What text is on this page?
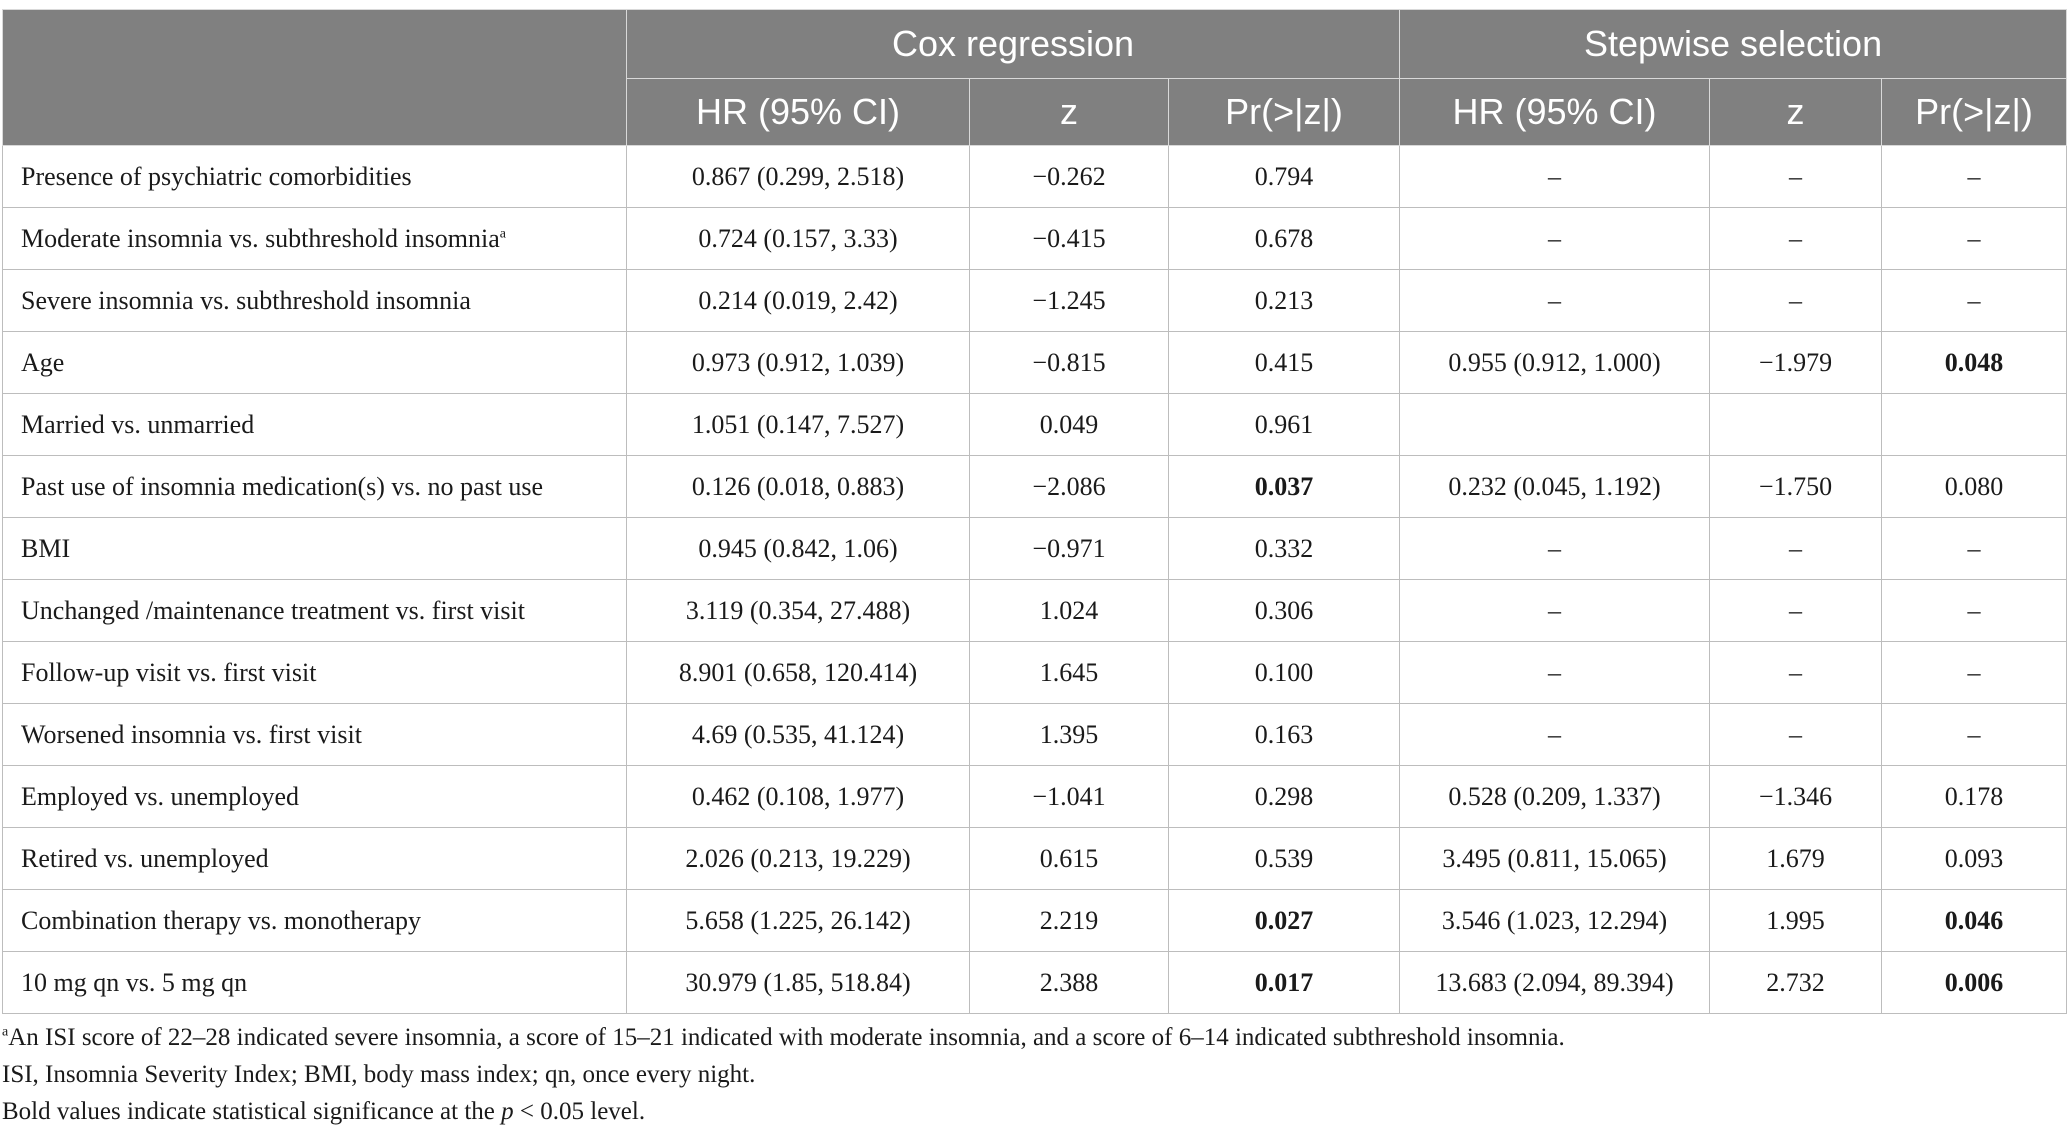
	Cox regression			Stepwise selection		
	HR (95% CI)	z	Pr(>|z|)	HR (95% CI)	z	Pr(>|z|)
Presence of psychiatric comorbidities	0.867 (0.299, 2.518)	−0.262	0.794	–	–	–
Moderate insomnia vs. subthreshold insomnia$^a$	0.724 (0.157, 3.33)	−0.415	0.678	–	–	–
Severe insomnia vs. subthreshold insomnia	0.214 (0.019, 2.42)	−1.245	0.213	–	–	–
Age	0.973 (0.912, 1.039)	−0.815	0.415	0.955 (0.912, 1.000)	−1.979	0.048
Married vs. unmarried	1.051 (0.147, 7.527)	0.049	0.961			
Past use of insomnia medication(s) vs. no past use	0.126 (0.018, 0.883)	−2.086	0.037	0.232 (0.045, 1.192)	−1.750	0.080
BMI	0.945 (0.842, 1.06)	−0.971	0.332	–	–	–
Unchanged /maintenance treatment vs. first visit	3.119 (0.354, 27.488)	1.024	0.306	–	–	–
Follow-up visit vs. first visit	8.901 (0.658, 120.414)	1.645	0.100	–	–	–
Worsened insomnia vs. first visit	4.69 (0.535, 41.124)	1.395	0.163	–	–	–
Employed vs. unemployed	0.462 (0.108, 1.977)	−1.041	0.298	0.528 (0.209, 1.337)	−1.346	0.178
Retired vs. unemployed	2.026 (0.213, 19.229)	0.615	0.539	3.495 (0.811, 15.065)	1.679	0.093
Combination therapy vs. monotherapy	5.658 (1.225, 26.142)	2.219	0.027	3.546 (1.023, 12.294)	1.995	0.046
10 mg qn vs. 5 mg qn	30.979 (1.85, 518.84)	2.388	0.017	13.683 (2.094, 89.394)	2.732	0.006
$^a$An ISI score of 22–28 indicated severe insomnia, a score of 15–21 indicated with moderate insomnia, and a score of 6–14 indicated subthreshold insomnia.
ISI, Insomnia Severity Index; BMI, body mass index; qn, once every night.
Bold values indicate statistical significance at the p < 0.05 level.
